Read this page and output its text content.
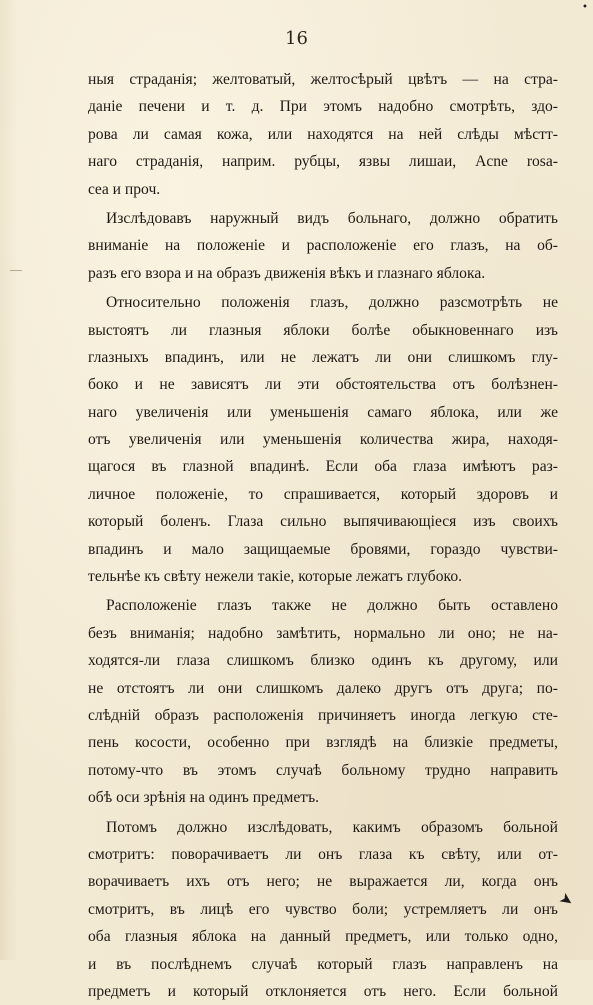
16
•
ныя страданія; желтоватый, желтосѣрый цвѣтъ — на стра-
даніе печени и т. д. При этомъ надобно смотрѣть, здо-
рова ли самая кожа, или находятся на ней слѣды мѣстт-
наго страданія, наприм. рубцы, язвы лишаи, Acne rosa-
cea и проч.
Изслѣдовавъ наружный видъ больнаго, должно обратить
вниманіе на положеніе и расположеніе его глазъ, на об-
разъ его взора и на образъ движенія вѣкъ и глазнаго яблока.
Относительно положенія глазъ, должно разсмотрѣть не
выстоятъ ли глазныя яблоки болѣе обыкновеннаго изъ
глазныхъ впадинъ, или не лежатъ ли они слишкомъ глу-
боко и не зависятъ ли эти обстоятельства отъ болѣзнен-
наго увеличенія или уменьшенія самаго яблока, или же
отъ увеличенія или уменьшенія количества жира, находя-
щагося въ глазной впадинѣ. Если оба глаза имѣютъ раз-
личное положеніе, то спрашивается, который здоровъ и
который боленъ. Глаза сильно выпячивающіеся изъ своихъ
впадинъ и мало защищаемые бровями, гораздо чувстви-
тельнѣе къ свѣту нежели такіе, которые лежатъ глубоко.
Расположеніе глазъ также не должно быть оставлено
безъ вниманія; надобно замѣтить, нормально ли оно; не на-
ходятся-ли глаза слишкомъ близко одинъ къ другому, или
не отстоятъ ли они слишкомъ далеко другъ отъ друга; по-
слѣдній образъ расположенія причиняетъ иногда легкую сте-
пень косости, особенно при взглядѣ на близкіе предметы,
потому-что въ этомъ случаѣ больному трудно направить
обѣ оси зрѣнія на одинъ предметъ.
Потомъ должно изслѣдовать, какимъ образомъ больной
смотритъ: поворачиваетъ ли онъ глаза къ свѣту, или от-
ворачиваетъ ихъ отъ него; не выражается ли, когда онъ
смотритъ, въ лицѣ его чувство боли; устремляетъ ли онъ
оба глазныя яблока на данный предметъ, или только одно,
и въ послѣднемъ случаѣ который глазъ направленъ на
предметъ и который отклоняется отъ него. Если больной
➤
